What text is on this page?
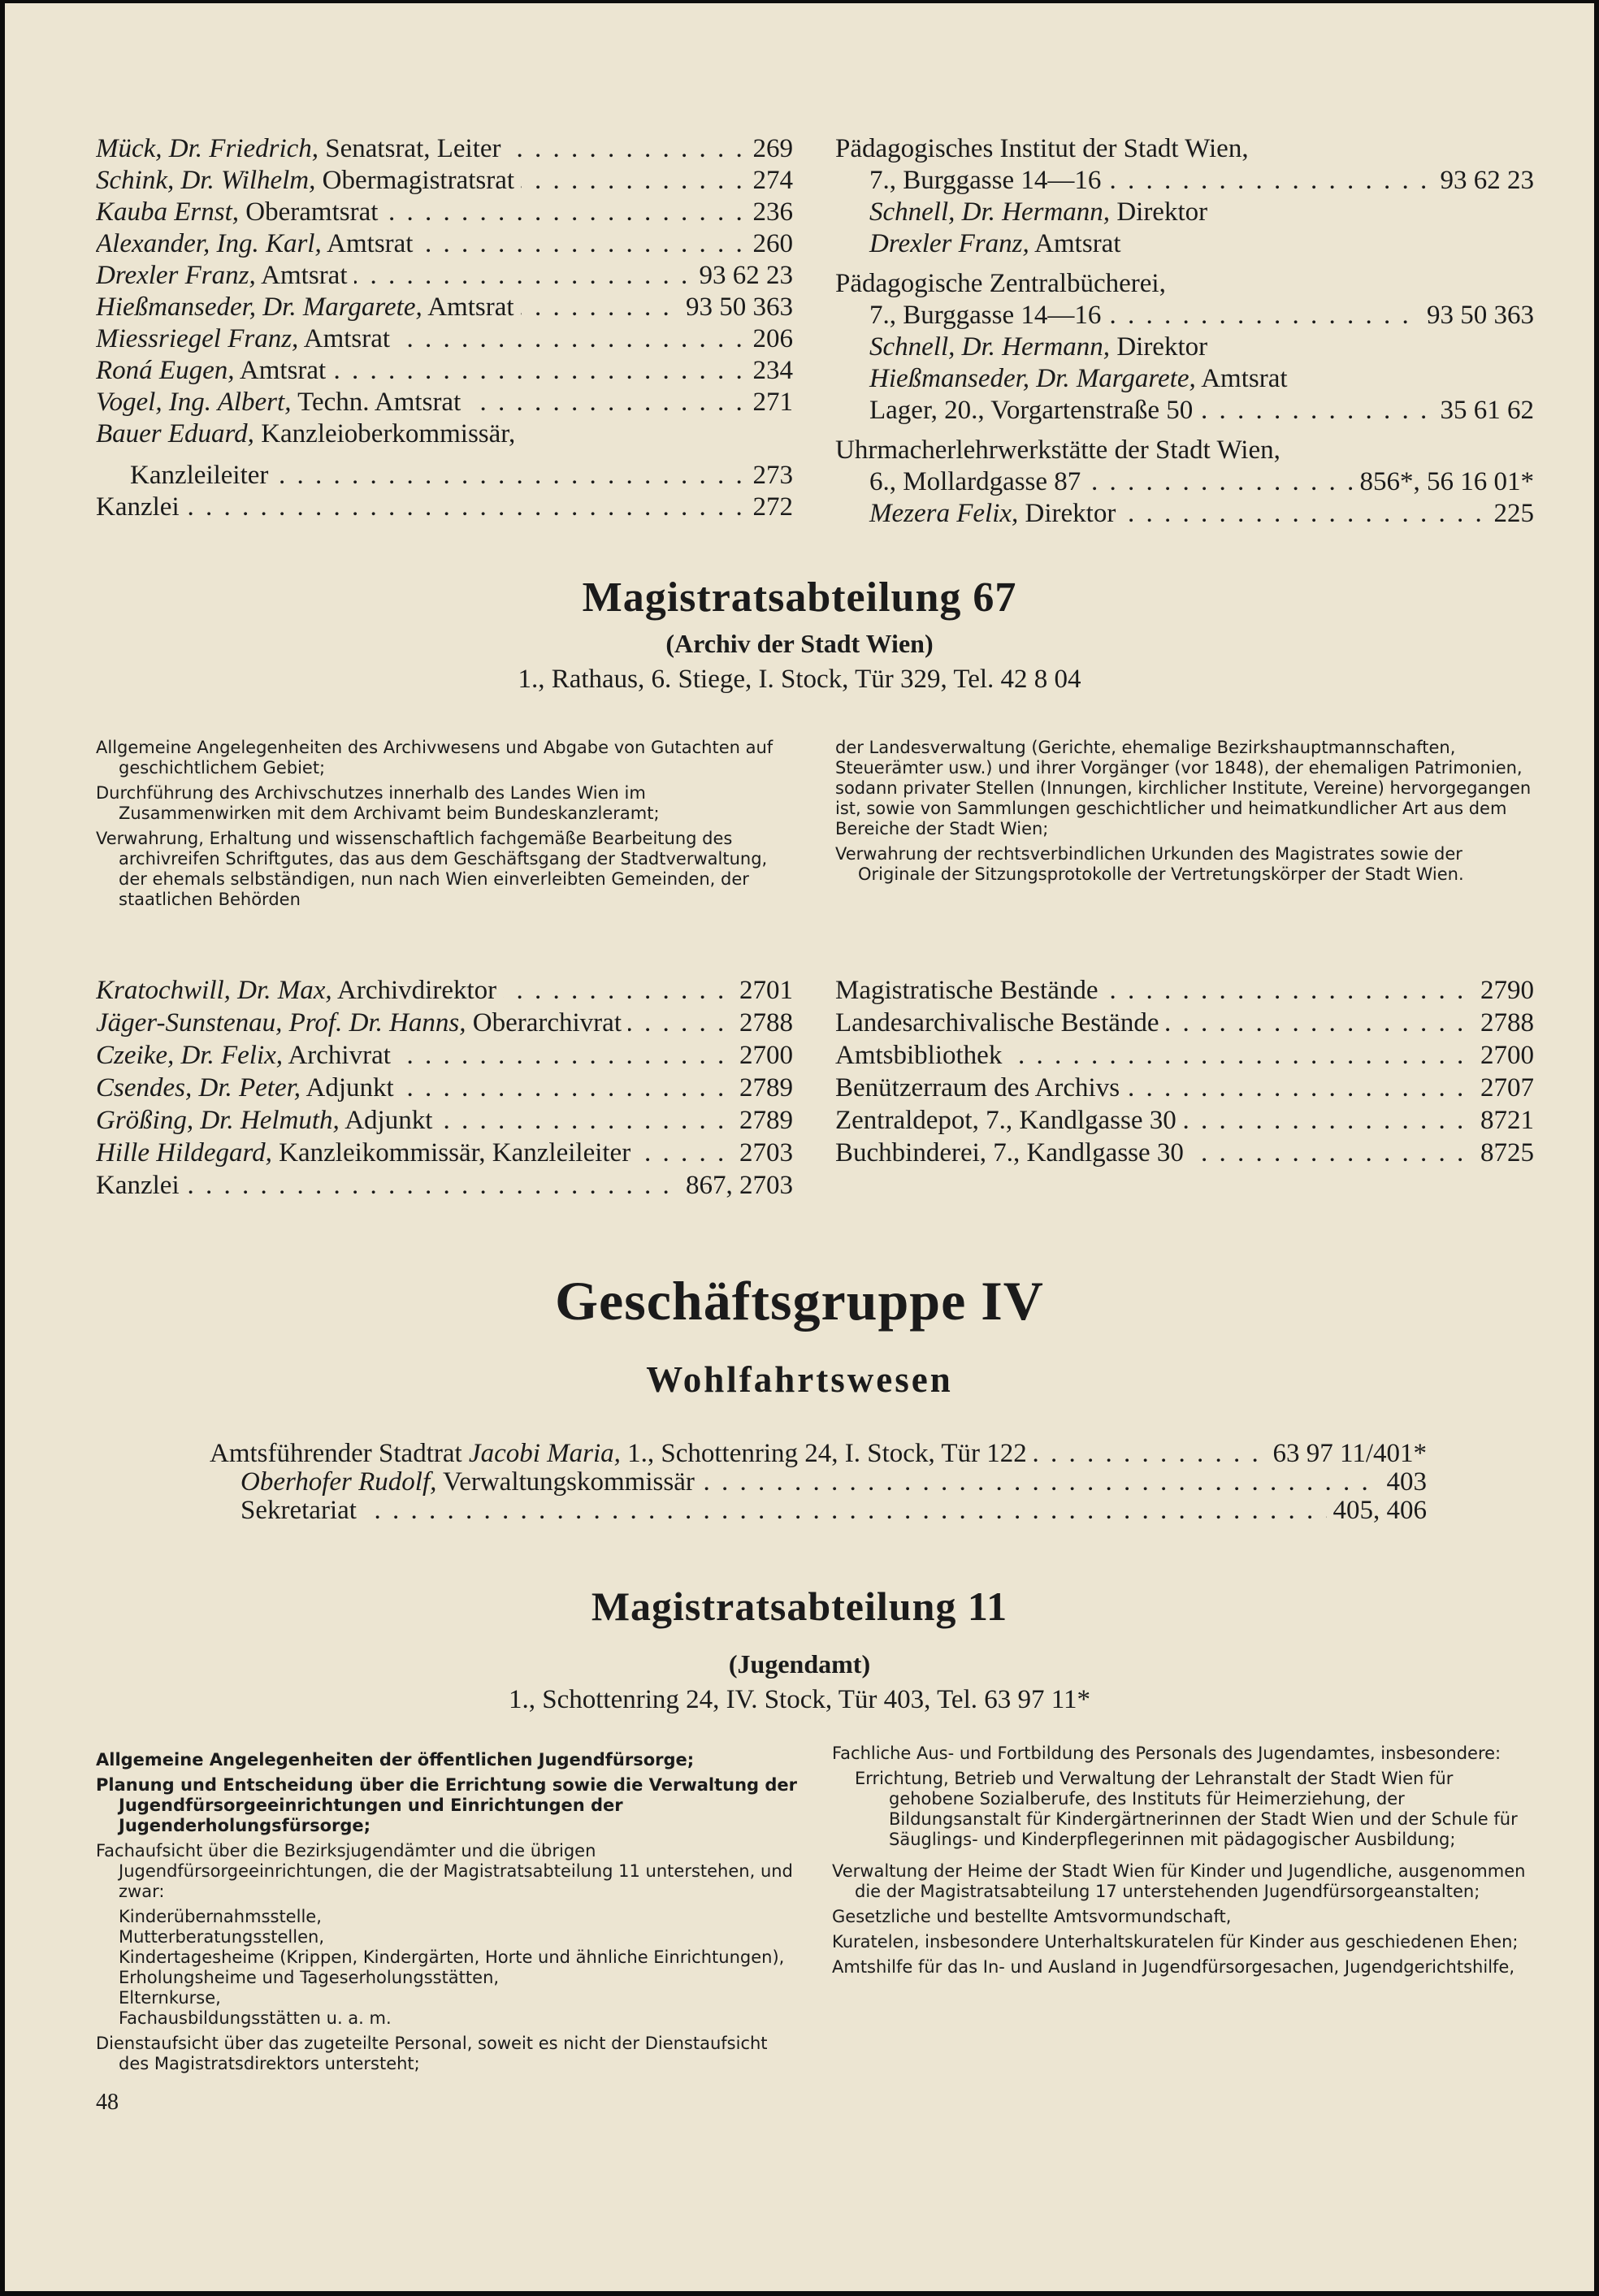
. . . Mück, Dr. Friedrich, Senatsrat, Leiter	269
. . . Schink, Dr. Wilhelm, Obermagistratsrat	274
. . . Kauba Ernst, Oberamtsrat	236
. . . Alexander, Ing. Karl, Amtsrat	260
. . . Drexler Franz, Amtsrat	93 62 23
. . . Hießmanseder, Dr. Margarete, Amtsrat	93 50 363
. . . Miessriegel Franz, Amtsrat	206
. . . Roná Eugen, Amtsrat	234
. . . Vogel, Ing. Albert, Techn. Amtsrat	271
Bauer Eduard, Kanzleioberkommissär,
. . . Kanzleileiter	273
. . . Kanzlei	272
Pädagogisches Institut der Stadt Wien,
. . . 7., Burggasse 14—16	93 62 23
Schnell, Dr. Hermann, Direktor
Drexler Franz, Amtsrat
Pädagogische Zentralbücherei,
. . . 7., Burggasse 14—16	93 50 363
Schnell, Dr. Hermann, Direktor
Hießmanseder, Dr. Margarete, Amtsrat
. . . Lager, 20., Vorgartenstraße 50	35 61 62
Uhrmacherlehrwerkstätte der Stadt Wien,
. . . 6., Mollardgasse 87	856*, 56 16 01*
. . . Mezera Felix, Direktor	225
Magistratsabteilung 67
(Archiv der Stadt Wien)
1., Rathaus, 6. Stiege, I. Stock, Tür 329, Tel. 42 8 04

Allgemeine Angelegenheiten des Archivwesens und Abgabe von Gutachten auf geschichtlichem Gebiet;

Durchführung des Archivschutzes innerhalb des Landes Wien im Zusammenwirken mit dem Archivamt beim Bundeskanzleramt;

Verwahrung, Erhaltung und wissenschaftlich fachgemäße Bearbeitung des archivreifen Schriftgutes, das aus dem Geschäftsgang der Stadtverwaltung, der ehemals selbständigen, nun nach Wien einverleibten Gemeinden, der staatlichen Behörden

der Landesverwaltung (Gerichte, ehemalige Bezirkshauptmannschaften, Steuerämter usw.) und ihrer Vorgänger (vor 1848), der ehemaligen Patrimonien, sodann privater Stellen (Innungen, kirchlicher Institute, Vereine) hervorgegangen ist, sowie von Sammlungen geschichtlicher und heimatkundlicher Art aus dem Bereiche der Stadt Wien;

Verwahrung der rechtsverbindlichen Urkunden des Magistrates sowie der Originale der Sitzungsprotokolle der Vertretungskörper der Stadt Wien.

. . . Kratochwill, Dr. Max, Archivdirektor	2701
. . . Jäger-Sunstenau, Prof. Dr. Hanns, Oberarchivrat	2788
. . . Czeike, Dr. Felix, Archivrat	2700
. . . Csendes, Dr. Peter, Adjunkt	2789
. . . Größing, Dr. Helmuth, Adjunkt	2789
. . . Hille Hildegard, Kanzleikommissär, Kanzleileiter	2703
. . . Kanzlei	867, 2703
. . . Magistratische Bestände	2790
. . . Landesarchivalische Bestände	2788
. . . Amtsbibliothek	2700
. . . Benützerraum des Archivs	2707
. . . Zentraldepot, 7., Kandlgasse 30	8721
. . . Buchbinderei, 7., Kandlgasse 30	8725
Geschäftsgruppe IV
Wohlfahrtswesen
. . . Amtsführender Stadtrat Jacobi Maria, 1., Schottenring 24, I. Stock, Tür 122	63 97 11/401*
. . . Oberhofer Rudolf, Verwaltungskommissär	403
. . . Sekretariat	405, 406
Magistratsabteilung 11
(Jugendamt)
1., Schottenring 24, IV. Stock, Tür 403, Tel. 63 97 11*

Allgemeine Angelegenheiten der öffentlichen Jugendfürsorge;

Planung und Entscheidung über die Errichtung sowie die Verwaltung der Jugendfürsorgeeinrichtungen und Einrichtungen der Jugenderholungsfürsorge;

Fachaufsicht über die Bezirksjugendämter und die übrigen Jugendfürsorgeeinrichtungen, die der Magistratsabteilung 11 unterstehen, und zwar:

Kinderübernahmsstelle,

Mutterberatungsstellen,

Kindertagesheime (Krippen, Kindergärten, Horte und ähnliche Einrichtungen),

Erholungsheime und Tageserholungsstätten,

Elternkurse,

Fachausbildungsstätten u. a. m.

Dienstaufsicht über das zugeteilte Personal, soweit es nicht der Dienstaufsicht des Magistratsdirektors untersteht;

Fachliche Aus- und Fortbildung des Personals des Jugendamtes, insbesondere:

Errichtung, Betrieb und Verwaltung der Lehranstalt der Stadt Wien für gehobene Sozialberufe, des Instituts für Heimerziehung, der Bildungsanstalt für Kindergärtnerinnen der Stadt Wien und der Schule für Säuglings- und Kinderpflegerinnen mit pädagogischer Ausbildung;

Verwaltung der Heime der Stadt Wien für Kinder und Jugendliche, ausgenommen die der Magistratsabteilung 17 unterstehenden Jugendfürsorgeanstalten;

Gesetzliche und bestellte Amtsvormundschaft,

Kuratelen, insbesondere Unterhaltskuratelen für Kinder aus geschiedenen Ehen;

Amtshilfe für das In- und Ausland in Jugendfürsorgesachen, Jugendgerichtshilfe,

48
